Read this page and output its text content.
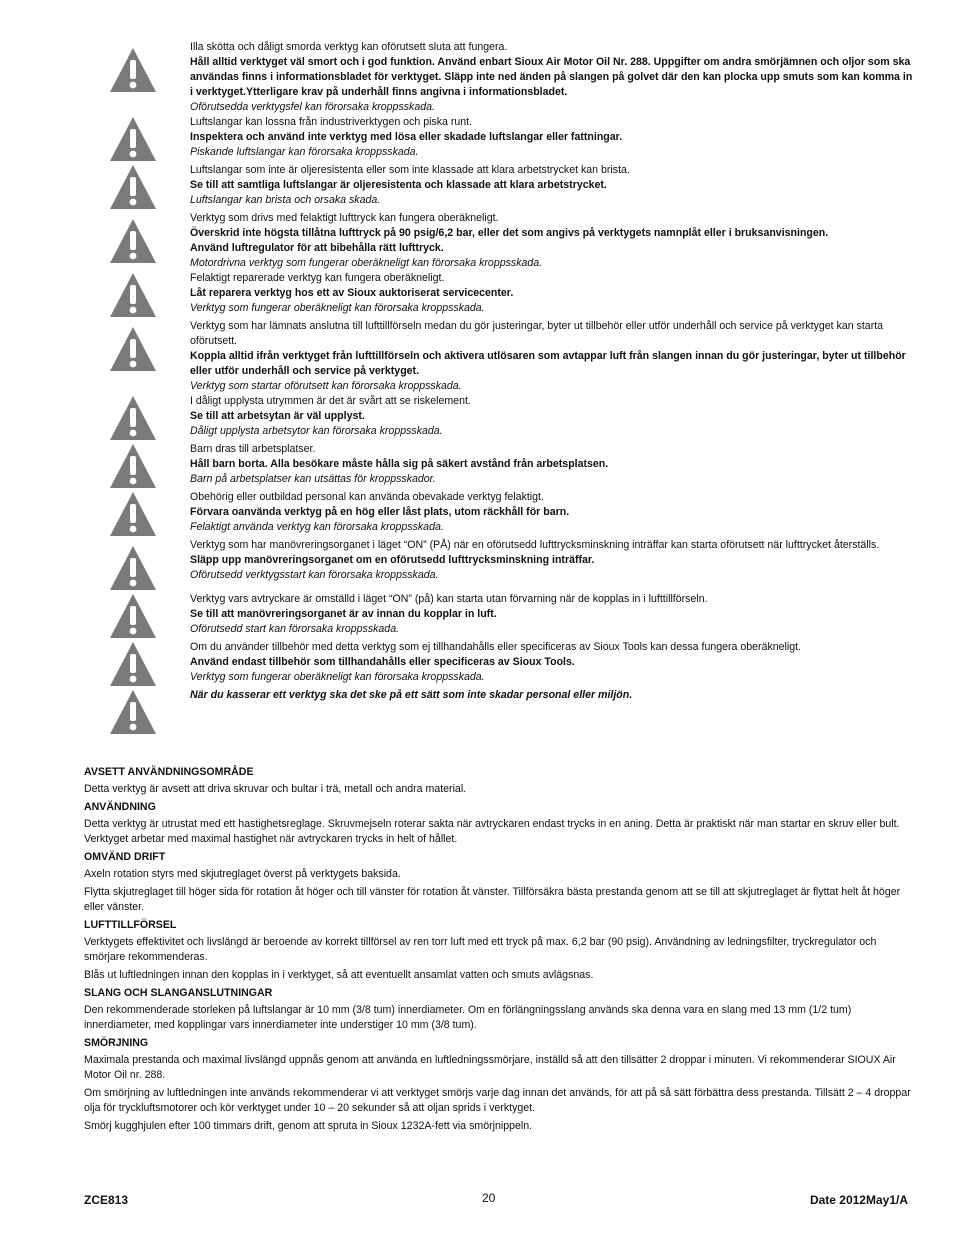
Illa skötta och dåligt smorda verktyg kan oförutsett sluta att fungera.

Håll alltid verktyget väl smort och i god funktion. Använd enbart Sioux Air Motor Oil Nr. 288. Uppgifter om andra smörjämnen och oljor som ska användas finns i informationsbladet för verktyget. Släpp inte ned änden på slangen på golvet där den kan plocka upp smuts som kan komma in i verktyget.Ytterligare krav på underhåll finns angivna i informationsbladet.

Oförutsedda verktygsfel kan förorsaka kroppsskada.

Luftslangar kan lossna från industriverktygen och piska runt.

Inspektera och använd inte verktyg med lösa eller skadade luftslangar eller fattningar.

Piskande luftslangar kan förorsaka kroppsskada.

Luftslangar som inte är oljeresistenta eller som inte klassade att klara arbetstrycket kan brista.

Se till att samtliga luftslangar är oljeresistenta och klassade att klara arbetstrycket.

Luftslangar kan brista och orsaka skada.

Verktyg som drivs med felaktigt lufttryck kan fungera oberäkneligt.

Överskrid inte högsta tillåtna lufttryck på 90 psig/6,2 bar, eller det som angivs på verktygets namnplåt eller i bruksanvisningen.

Använd luftregulator för att bibehålla rätt lufttryck.

Motordrivna verktyg som fungerar oberäkneligt kan förorsaka kroppsskada.

Felaktigt reparerade verktyg kan fungera oberäkneligt.

Låt reparera verktyg hos ett av Sioux auktoriserat servicecenter.

Verktyg som fungerar oberäkneligt kan förorsaka kroppsskada.

Verktyg som har lämnats anslutna till lufttillförseln medan du gör justeringar, byter ut tillbehör eller utför underhåll och service på verktyget kan starta oförutsett.

Koppla alltid ifrån verktyget från lufttillförseln och aktivera utlösaren som avtappar luft från slangen innan du gör justeringar, byter ut tillbehör eller utför underhåll och service på verktyget.

Verktyg som startar oförutsett kan förorsaka kroppsskada.

I dåligt upplysta utrymmen är det är svårt att se riskelement.

Se till att arbetsytan är väl upplyst.

Dåligt upplysta arbetsytor kan förorsaka kroppsskada.

Barn dras till arbetsplatser.

Håll barn borta. Alla besökare måste hålla sig på säkert avstånd från arbetsplatsen.

Barn på arbetsplatser kan utsättas för kroppsskador.

Obehörig eller outbildad personal kan använda obevakade verktyg felaktigt.

Förvara oanvända verktyg på en hög eller låst plats, utom räckhåll för barn.

Felaktigt använda verktyg kan förorsaka kroppsskada.

Verktyg som har manövreringsorganet i läget “ON” (PÅ) när en oförutsedd lufttrycksminskning inträffar kan starta oförutsett när lufttrycket återställs.

Släpp upp manövreringsorganet om en oförutsedd lufttrycksminskning inträffar.

Oförutsedd verktygsstart kan förorsaka kroppsskada.

Verktyg vars avtryckare är omställd i läget “ON” (på) kan starta utan förvarning när de kopplas in i lufttillförseln.

Se till att manövreringsorganet är av innan du kopplar in luft.

Oförutsedd start kan förorsaka kroppsskada.

Om du använder tillbehör med detta verktyg som ej tillhandahålls eller specificeras av Sioux Tools kan dessa fungera oberäkneligt.

Använd endast tillbehör som tillhandahålls eller specificeras av Sioux Tools.

Verktyg som fungerar oberäkneligt kan förorsaka kroppsskada.

När du kasserar ett verktyg ska det ske på ett sätt som inte skadar personal eller miljön.

AVSETT ANVÄNDNINGSOMRÅDE

Detta verktyg är avsett att driva skruvar och bultar i trä, metall och andra material.

ANVÄNDNING

Detta verktyg är utrustat med ett hastighetsreglage. Skruvmejseln roterar sakta när avtryckaren endast trycks in en aning. Detta är praktiskt när man startar en skruv eller bult. Verktyget arbetar med maximal hastighet när avtryckaren trycks in helt of hållet.

OMVÄND DRIFT

Axeln rotation styrs med skjutreglaget överst på verktygets baksida.

Flytta skjutreglaget till höger sida för rotation åt höger och till vänster för rotation åt vänster. Tillförsäkra bästa prestanda genom att se till att skjutreglaget är flyttat helt åt höger eller vänster.

LUFTTILLFÖRSEL

Verktygets effektivitet och livslängd är beroende av korrekt tillförsel av ren torr luft med ett tryck på max. 6,2 bar (90 psig). Användning av ledningsfilter, tryckregulator och smörjare rekommenderas.

Blås ut luftledningen innan den kopplas in i verktyget, så att eventuellt ansamlat vatten och smuts avlägsnas.

SLANG OCH SLANGANSLUTNINGAR

Den rekommenderade storleken på luftslangar är 10 mm (3/8 tum) innerdiameter. Om en förlängningsslang används ska denna vara en slang med 13 mm (1/2 tum) innerdiameter, med kopplingar vars innerdiameter inte understiger 10 mm (3/8 tum).

SMÖRJNING

Maximala prestanda och maximal livslängd uppnås genom att använda en luftledningssmörjare, inställd så att den tillsätter 2 droppar i minuten. Vi rekommenderar SIOUX Air Motor Oil nr. 288.

Om smörjning av luftledningen inte används rekommenderar vi att verktyget smörjs varje dag innan det används, för att på så sätt förbättra dess prestanda. Tillsätt 2 – 4 droppar olja för tryckluftsmotorer och kör verktyget under 10 – 20 sekunder så att oljan sprids i verktyget.

Smörj kugghjulen efter 100 timmars drift, genom att spruta in Sioux 1232A-fett via smörjnippeln.

ZCE813	20	Date 2012May1/A
